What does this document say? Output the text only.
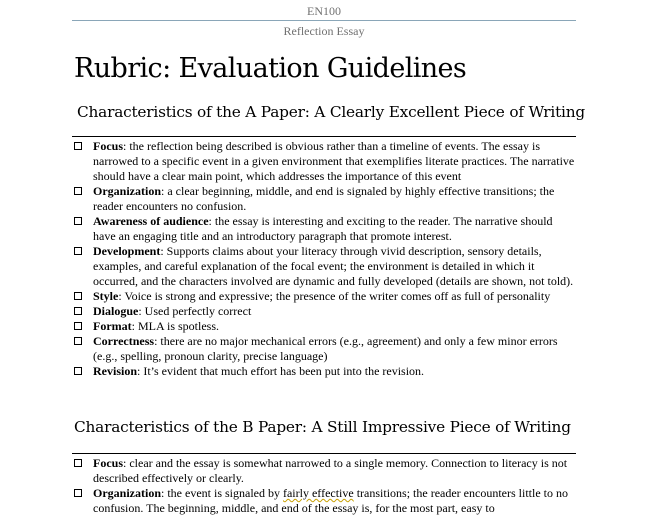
EN100
Reflection Essay
Rubric: Evaluation Guidelines
Characteristics of the A Paper: A Clearly Excellent Piece of Writing
Focus: the reflection being described is obvious rather than a timeline of events. The essay is narrowed to a specific event in a given environment that exemplifies literate practices. The narrative should have a clear main point, which addresses the importance of this event
Organization: a clear beginning, middle, and end is signaled by highly effective transitions; the reader encounters no confusion.
Awareness of audience: the essay is interesting and exciting to the reader. The narrative should have an engaging title and an introductory paragraph that promote interest.
Development: Supports claims about your literacy through vivid description, sensory details, examples, and careful explanation of the focal event; the environment is detailed in which it occurred, and the characters involved are dynamic and fully developed (details are shown, not told).
Style: Voice is strong and expressive; the presence of the writer comes off as full of personality
Dialogue: Used perfectly correct
Format: MLA is spotless.
Correctness: there are no major mechanical errors (e.g., agreement) and only a few minor errors (e.g., spelling, pronoun clarity, precise language)
Revision: It’s evident that much effort has been put into the revision.
Characteristics of the B Paper: A Still Impressive Piece of Writing
Focus: clear and the essay is somewhat narrowed to a single memory. Connection to literacy is not described effectively or clearly.
Organization: the event is signaled by fairly effective transitions; the reader encounters little to no confusion. The beginning, middle, and end of the essay is, for the most part, easy to
